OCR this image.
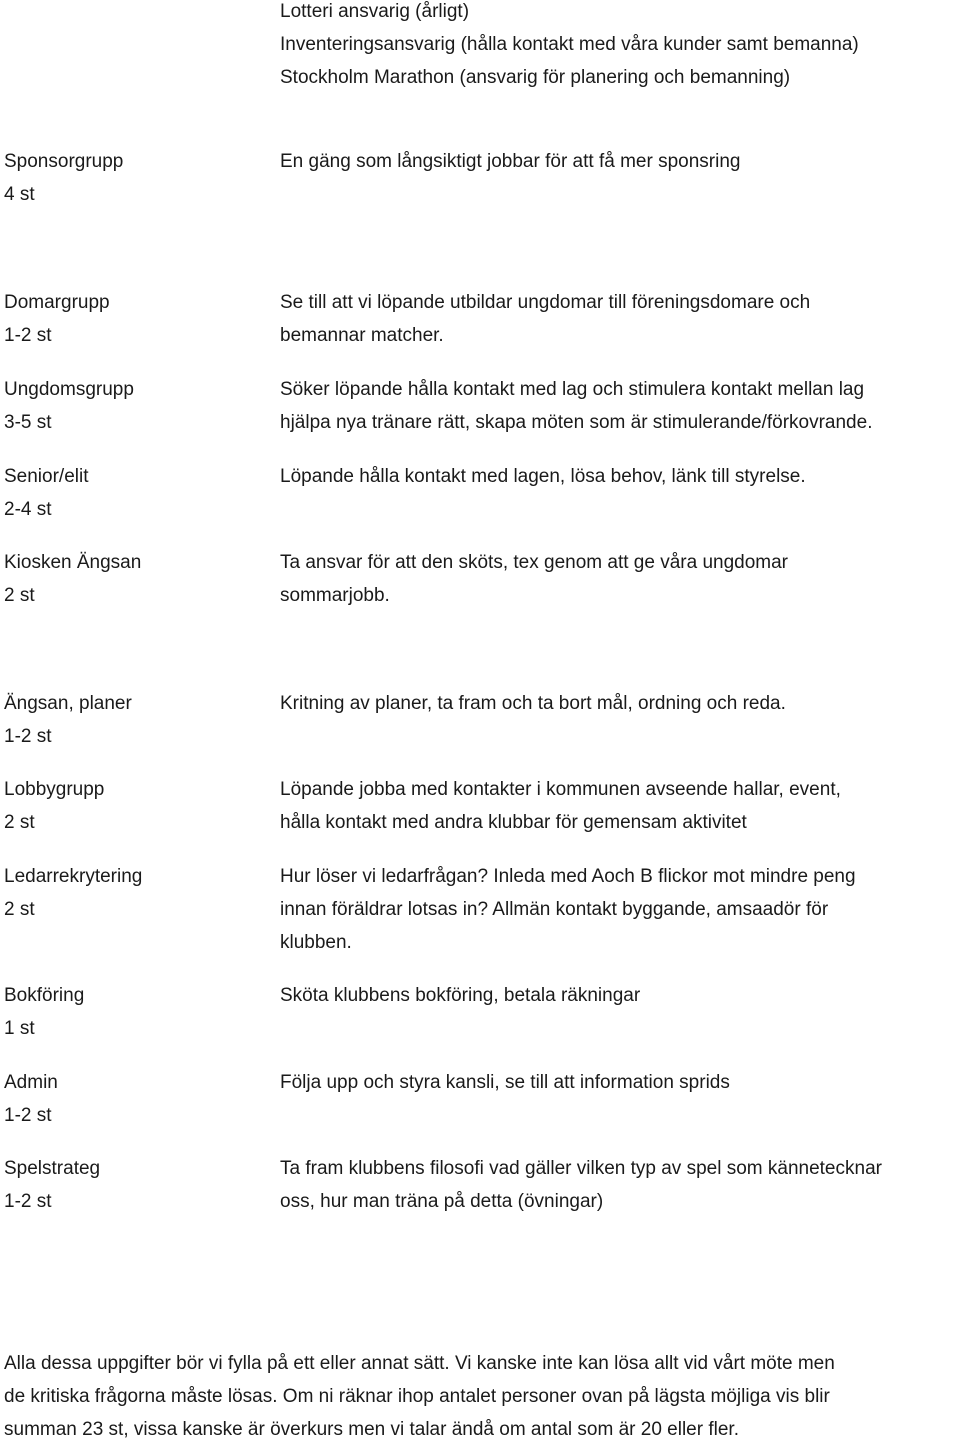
Lotteri ansvarig (årligt)
Inventeringsansvarig (hålla kontakt med våra kunder samt bemanna)
Stockholm Marathon (ansvarig för planering och bemanning)
Sponsorgrupp
4 st
En gäng som långsiktigt jobbar för att få mer sponsring
Domargrupp
1-2 st
Se till att vi löpande utbildar ungdomar till föreningsdomare och
bemannar matcher.
Ungdomsgrupp
3-5 st
Söker löpande hålla kontakt med lag och stimulera kontakt mellan lag
hjälpa nya tränare rätt, skapa möten som är stimulerande/förkovrande.
Senior/elit
2-4 st
Löpande hålla kontakt med lagen, lösa behov, länk till styrelse.
Kiosken Ängsan
2 st
Ta ansvar för att den sköts, tex genom att ge våra ungdomar
sommarjobb.
Ängsan, planer
1-2 st
Kritning av planer, ta fram och ta bort mål, ordning och reda.
Lobbygrupp
2 st
Löpande jobba med kontakter i kommunen avseende hallar, event,
hålla kontakt med andra klubbar för gemensam aktivitet
Ledarrekrytering
2 st
Hur löser vi ledarfrågan? Inleda med Aoch B flickor mot mindre peng
innan föräldrar lotsas in? Allmän kontakt byggande, amsaadör för
klubben.
Bokföring
1 st
Sköta klubbens bokföring, betala räkningar
Admin
1-2 st
Följa upp och styra kansli, se till att information sprids
Spelstrateg
1-2 st
Ta fram klubbens filosofi vad gäller vilken typ av spel som kännetecknar
oss, hur man träna på detta (övningar)
Alla dessa uppgifter bör vi fylla på ett eller annat sätt. Vi kanske inte kan lösa allt vid vårt möte men
de kritiska frågorna måste lösas. Om ni räknar ihop antalet personer ovan på lägsta möjliga vis blir
summan 23 st, vissa kanske är överkurs men vi talar ändå om antal som är 20 eller fler.
